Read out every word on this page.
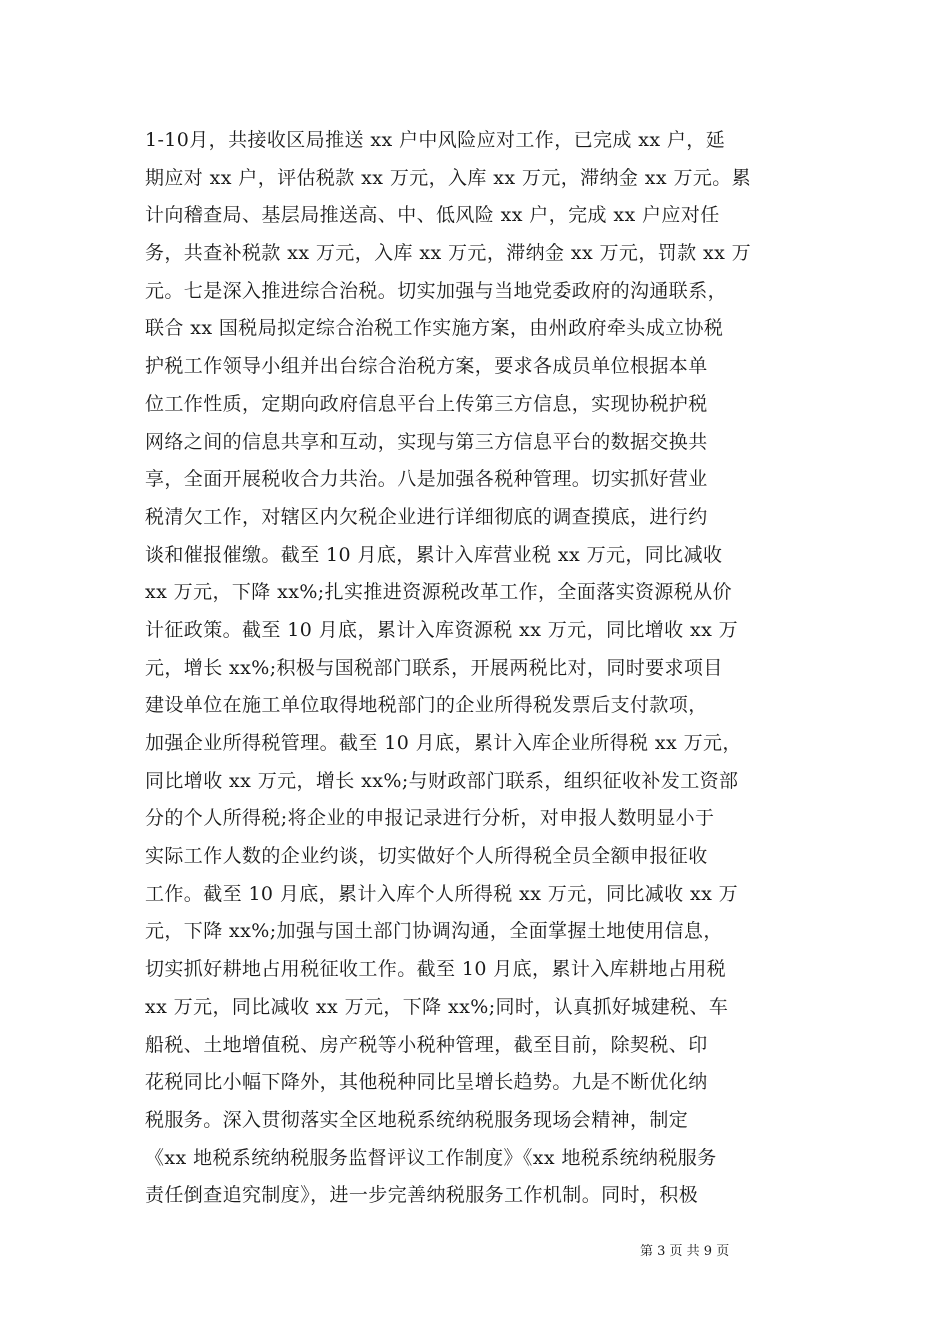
1-10月，共接收区局推送 xx 户中风险应对工作，已完成 xx 户，延
期应对 xx 户，评估税款 xx 万元，入库 xx 万元，滞纳金 xx 万元。累
计向稽查局、基层局推送高、中、低风险 xx 户，完成 xx 户应对任
务，共查补税款 xx 万元，入库 xx 万元，滞纳金 xx 万元，罚款 xx 万
元。七是深入推进综合治税。切实加强与当地党委政府的沟通联系，
联合 xx 国税局拟定综合治税工作实施方案，由州政府牵头成立协税
护税工作领导小组并出台综合治税方案，要求各成员单位根据本单
位工作性质，定期向政府信息平台上传第三方信息，实现协税护税
网络之间的信息共享和互动，实现与第三方信息平台的数据交换共
享，全面开展税收合力共治。八是加强各税种管理。切实抓好营业
税清欠工作，对辖区内欠税企业进行详细彻底的调查摸底，进行约
谈和催报催缴。截至 10 月底，累计入库营业税 xx 万元，同比减收
xx 万元，下降 xx%;扎实推进资源税改革工作，全面落实资源税从价
计征政策。截至 10 月底，累计入库资源税 xx 万元，同比增收 xx 万
元，增长 xx%;积极与国税部门联系，开展两税比对，同时要求项目
建设单位在施工单位取得地税部门的企业所得税发票后支付款项，
加强企业所得税管理。截至 10 月底，累计入库企业所得税 xx 万元，
同比增收 xx 万元，增长 xx%;与财政部门联系，组织征收补发工资部
分的个人所得税;将企业的申报记录进行分析，对申报人数明显小于
实际工作人数的企业约谈，切实做好个人所得税全员全额申报征收
工作。截至 10 月底，累计入库个人所得税 xx 万元，同比减收 xx 万
元，下降 xx%;加强与国土部门协调沟通，全面掌握土地使用信息，
切实抓好耕地占用税征收工作。截至 10 月底，累计入库耕地占用税
xx 万元，同比减收 xx 万元，下降 xx%;同时，认真抓好城建税、车
船税、土地增值税、房产税等小税种管理，截至目前，除契税、印
花税同比小幅下降外，其他税种同比呈增长趋势。九是不断优化纳
税服务。深入贯彻落实全区地税系统纳税服务现场会精神，制定
《xx 地税系统纳税服务监督评议工作制度》《xx 地税系统纳税服务
责任倒查追究制度》，进一步完善纳税服务工作机制。同时，积极
第 3 页 共 9 页
